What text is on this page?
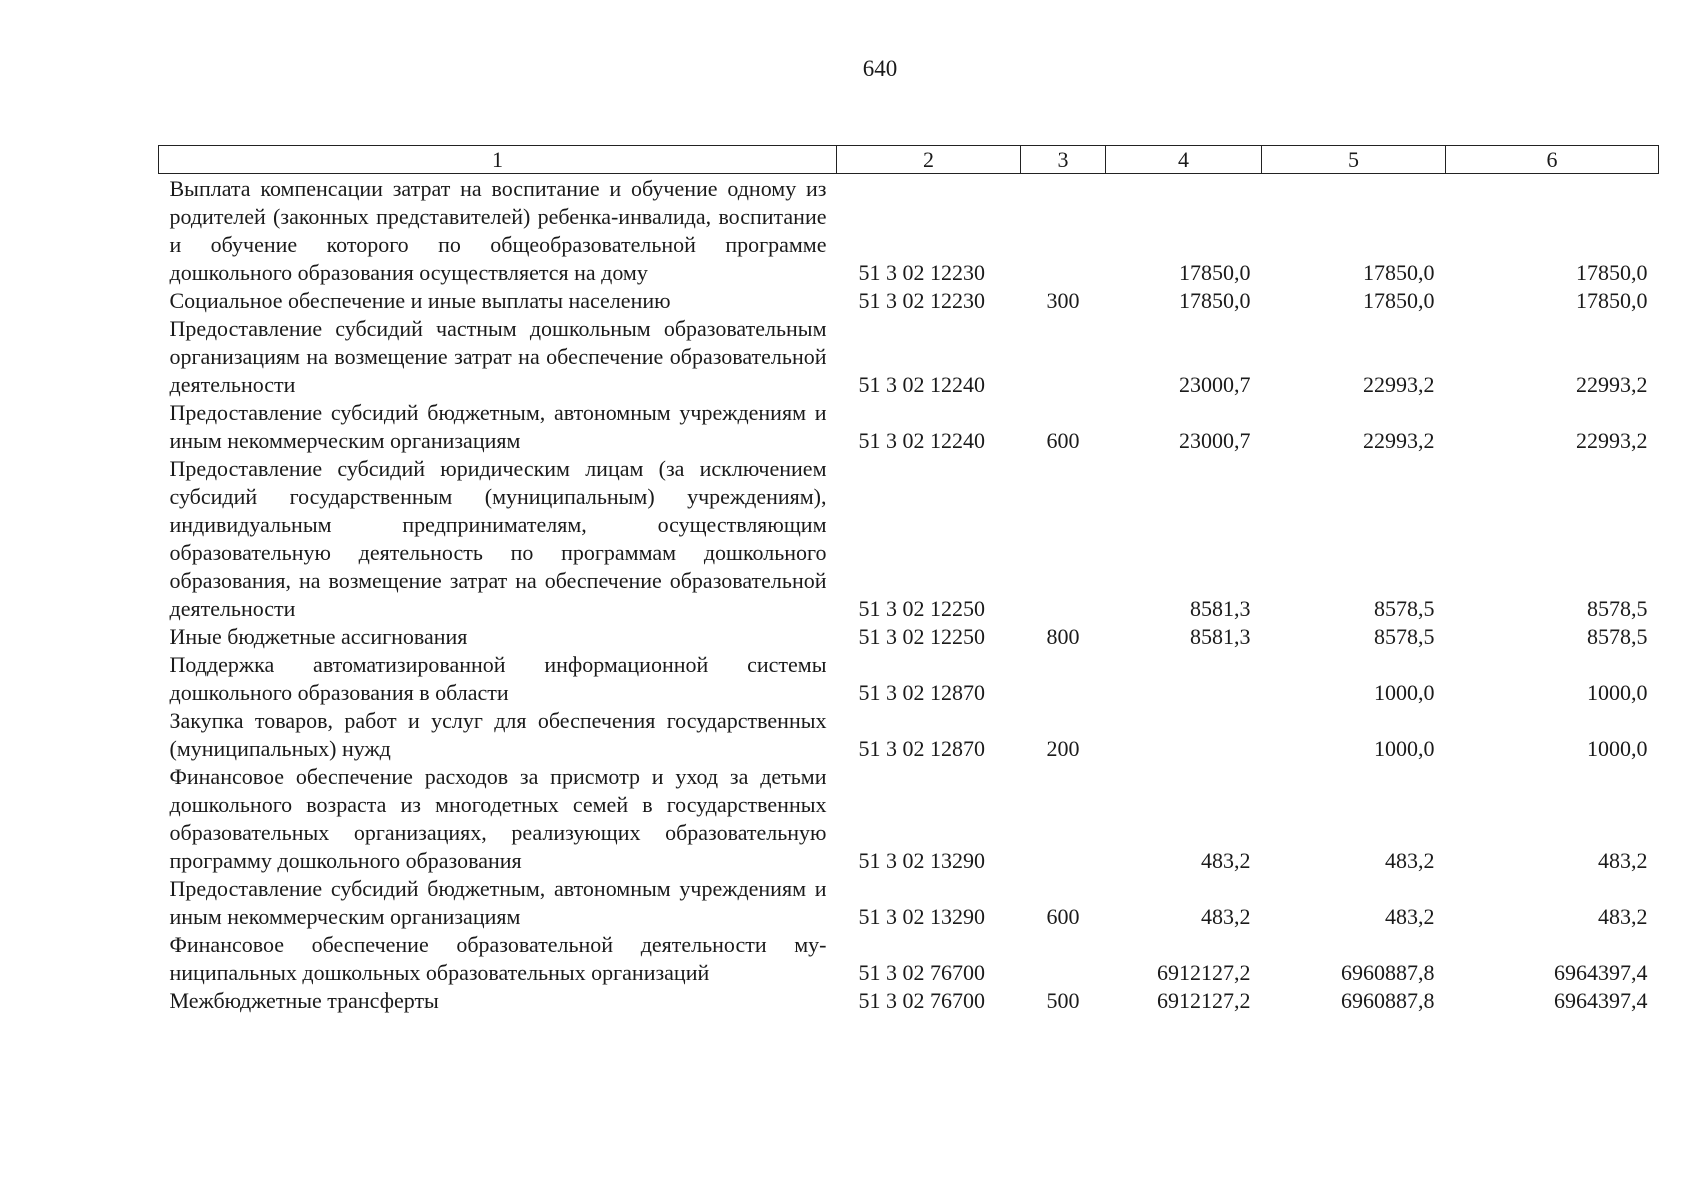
640
1	2	3	4	5	6
Выплата компенсации затрат на воспитание и обучение одному из родителей (законных представителей) ребенка-инвалида, воспитание и обучение которого по общеобразовательной программе дошкольного образования осуществляется на дому	51 3 02 12230		17850,0	17850,0	17850,0
Социальное обеспечение и иные выплаты населению	51 3 02 12230	300	17850,0	17850,0	17850,0
Предоставление субсидий частным дошкольным образовательным организациям на возмещение затрат на обеспечение образовательной деятельности	51 3 02 12240		23000,7	22993,2	22993,2
Предоставление субсидий бюджетным, автономным учреждениям и иным некоммерческим организациям	51 3 02 12240	600	23000,7	22993,2	22993,2
Предоставление субсидий юридическим лицам (за исключением субсидий государственным (муниципальным) учреждениям), индивидуальным предпринимателям, осуществляющим образовательную деятельность по программам дошкольного образования, на возмещение затрат на обеспечение образовательной деятельности	51 3 02 12250		8581,3	8578,5	8578,5
Иные бюджетные ассигнования	51 3 02 12250	800	8581,3	8578,5	8578,5
Поддержка автоматизированной информационной системы дошкольного образования в области	51 3 02 12870			1000,0	1000,0
Закупка товаров, работ и услуг для обеспечения государственных (муниципальных) нужд	51 3 02 12870	200		1000,0	1000,0
Финансовое обеспечение расходов за присмотр и уход за детьми дошкольного возраста из многодетных семей в государственных образовательных организациях, реализующих образовательную программу дошкольного образования	51 3 02 13290		483,2	483,2	483,2
Предоставление субсидий бюджетным, автономным учреждениям и иным некоммерческим организациям	51 3 02 13290	600	483,2	483,2	483,2
Финансовое обеспечение образовательной деятельности муниципальных дошкольных образовательных организаций	51 3 02 76700		6912127,2	6960887,8	6964397,4
Межбюджетные трансферты	51 3 02 76700	500	6912127,2	6960887,8	6964397,4
